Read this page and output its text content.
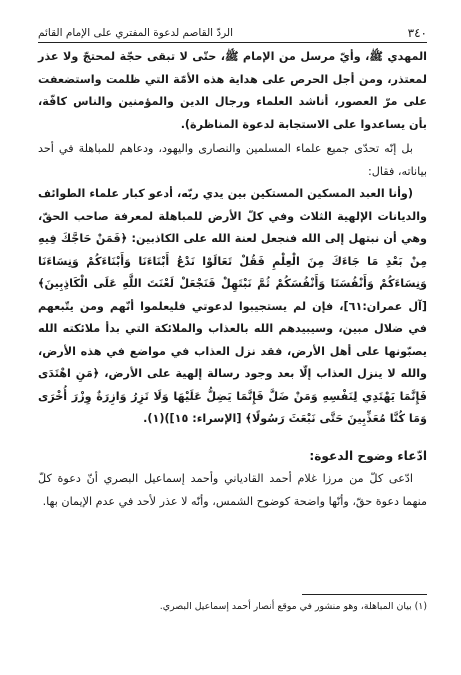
٣٤٠
الردّ القاصم لدعوة المفتري على الإمام القائم

المهدي ﷺ، وأيّ مرسل من الإمام ﷺ، حتّى لا تبقى حجّة لمحتجّ ولا عذر لمعتذر، ومن أجل الحرص على هداية هذه الأمّة التي ظلمت واستضعفت على مرّ العصور، أناشد العلماء ورجال الدين والمؤمنين والناس كافّة، بأن يساعدوا على الاستجابة لدعوة المناظرة).

بل إنّه تحدّى جميع علماء المسلمين والنصارى واليهود، ودعاهم للمباهلة في أحد بياناته، فقال:

(وأنا العبد المسكين المستكين بين يدي ربّه، أدعو كبار علماء الطوائف والديانات الإلهية الثلاث وفي كلّ الأرض للمباهلة لمعرفة صاحب الحقّ، وهي أن نبتهل إلى الله فنجعل لعنة الله على الكاذبين: ﴿فَمَنْ حَاجَّكَ فِيهِ مِنْ بَعْدِ مَا جَاءَكَ مِنَ الْعِلْمِ فَقُلْ تَعَالَوْا نَدْعُ أَبْنَاءَنَا وَأَبْنَاءَكُمْ وَنِسَاءَنَا وَنِسَاءَكُمْ وَأَنْفُسَنَا وَأَنْفُسَكُمْ ثُمَّ نَبْتَهِلْ فَنَجْعَلْ لَعْنَتَ اللَّهِ عَلَى الْكَاذِبِينَ﴾ [آل عمران:٦١]، فإن لم يستجيبوا لدعوتي فليعلموا أنّهم ومن يتّبعهم في ضلال مبين، وسيبيدهم الله بالعذاب والملائكة التي بدأ ملائكته الله يصبّونها على أهل الأرض، فقد نزل العذاب في مواضع في هذه الأرض، والله لا ينزل العذاب إلّا بعد وجود رسالة إلهية على الأرض، ﴿مَنِ اهْتَدَى فَإِنَّمَا يَهْتَدِي لِنَفْسِهِ وَمَنْ ضَلَّ فَإِنَّمَا يَضِلُّ عَلَيْهَا وَلَا تَزِرُ وَازِرَةٌ وِزْرَ أُخْرَى وَمَا كُنَّا مُعَذِّبِينَ حَتَّى نَبْعَثَ رَسُولًا﴾ [الإسراء: ١٥])(١).

ادّعاء وضوح الدعوة:

ادّعى كلّ من مرزا غلام أحمد القادياني وأحمد إسماعيل البصري أنّ دعوة كلّ منهما دعوة حقّ، وأنّها واضحة كوضوح الشمس، وأنّه لا عذر لأحد في عدم الإيمان بها.

(١) بيان المباهلة، وهو منشور في موقع أنصار أحمد إسماعيل البصري.
